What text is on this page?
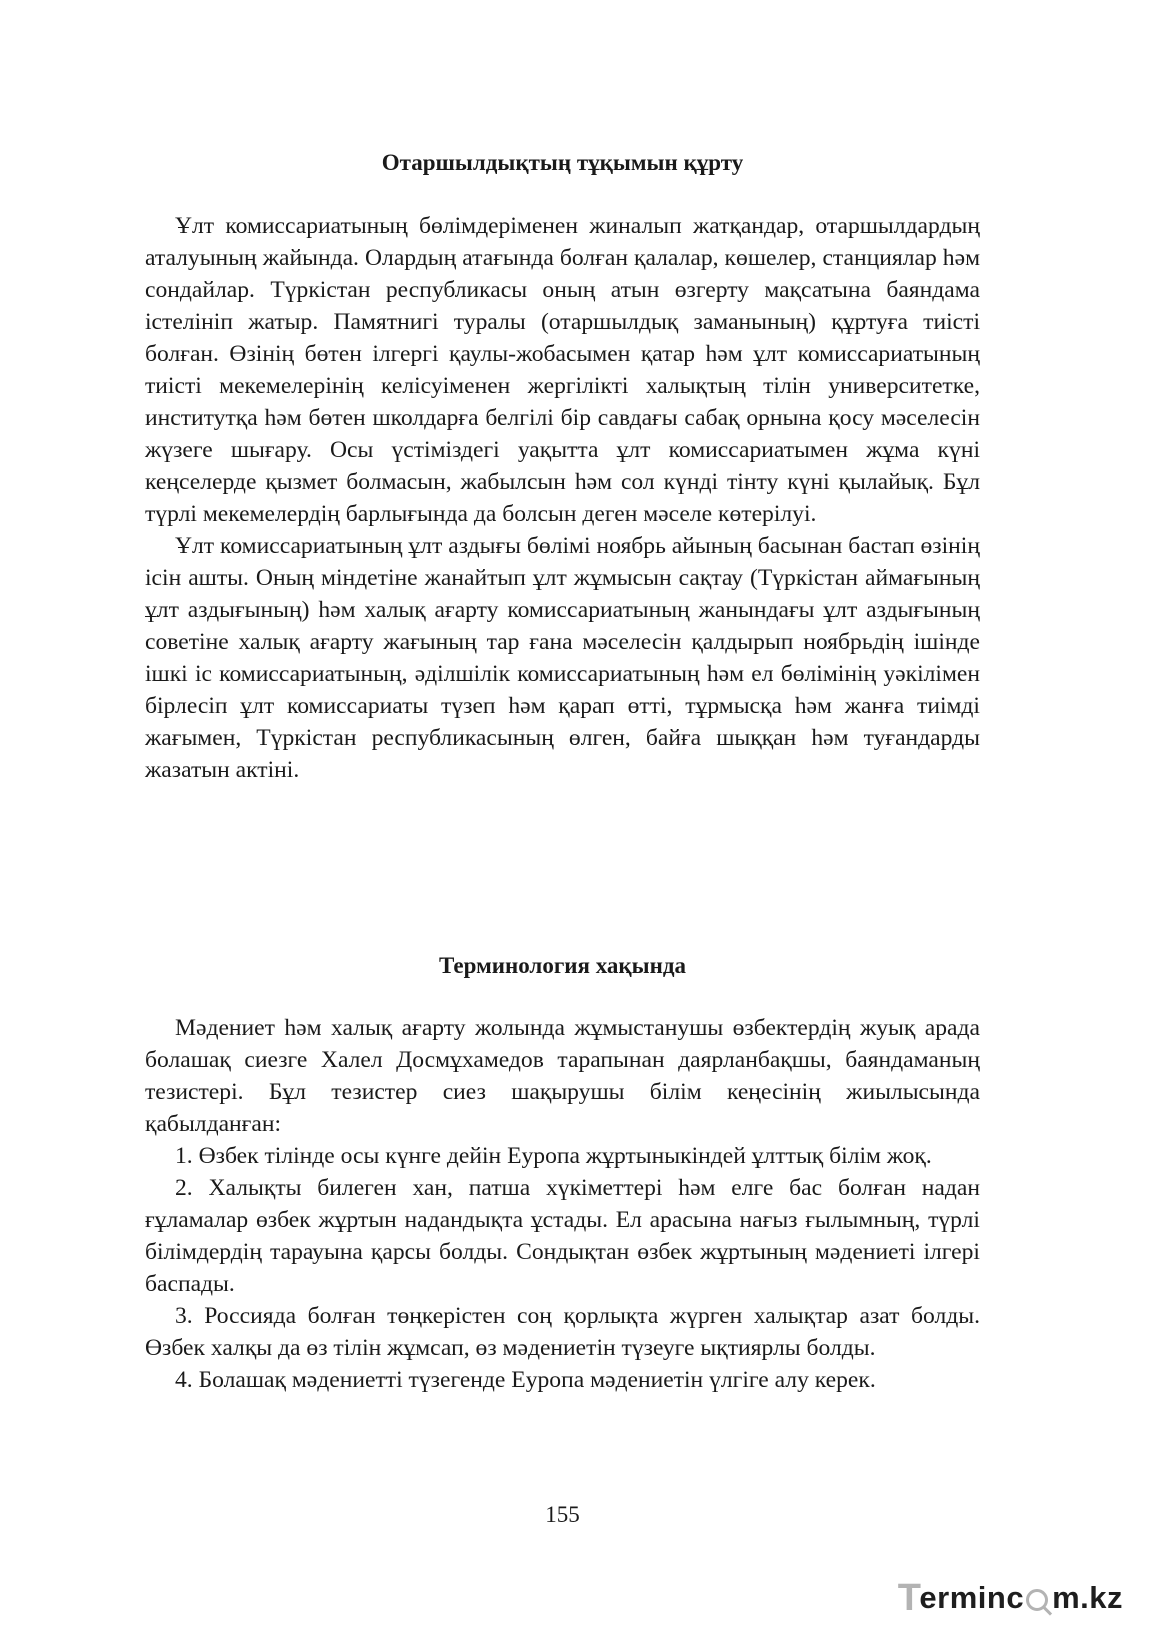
Отаршылдықтың тұқымын құрту

Ұлт комиссариатының бөлімдеріменен жиналып жатқандар, отаршылдардың аталуының жайында. Олардың атағында болған қалалар, көшелер, станциялар һәм сондайлар. Түркістан республикасы оның атын өзгерту мақсатына баяндама істелініп жатыр. Памятнигі туралы (отаршылдық заманының) құртуға тиісті болған. Өзінің бөтен ілгергі қаулы-жобасымен қатар һәм ұлт комиссариатының тиісті мекемелерінің келісуіменен жергілікті халықтың тілін университетке, институтқа һәм бөтен школдарға белгілі бір савдағы сабақ орнына қосу мәселесін жүзеге шығару. Осы үстіміздегі уақытта ұлт комиссариатымен жұма күні кеңселерде қызмет болмасын, жабылсын һәм сол күнді тінту күні қылайық. Бұл түрлі мекемелердің барлығында да болсын деген мәселе көтерілуі.

Ұлт комиссариатының ұлт аздығы бөлімі ноябрь айының басынан бастап өзінің ісін ашты. Оның міндетіне жанайтып ұлт жұмысын сақтау (Түркістан аймағының ұлт аздығының) һәм халық ағарту комиссариатының жанындағы ұлт аздығының советіне халық ағарту жағының тар ғана мәселесін қалдырып ноябрьдің ішінде ішкі іс комиссариатының, әділшілік комиссариатының һәм ел бөлімінің уәкілімен бірлесіп ұлт комиссариаты түзеп һәм қарап өтті, тұрмысқа һәм жанға тиімді жағымен, Түркістан республикасының өлген, байға шыққан һәм туғандарды жазатын актіні.

Терминология хақында

Мәдениет һәм халық ағарту жолында жұмыстанушы өзбектердің жуық арада болашақ сиезге Халел Досмұхамедов тарапынан даярланбақшы, баяндаманың тезистері. Бұл тезистер сиез шақырушы білім кеңесінің жиылысында қабылданған:

1. Өзбек тілінде осы күнге дейін Еуропа жұртыныкіндей ұлттық білім жоқ.

2. Халықты билеген хан, патша хүкіметтері һәм елге бас болған надан ғұламалар өзбек жұртын надандықта ұстады. Ел арасына нағыз ғылымның, түрлі білімдердің тарауына қарсы болды. Сондықтан өзбек жұртының мәдениеті ілгері баспады.

3. Россияда болған төңкерістен соң қорлықта жүрген халықтар азат болды. Өзбек халқы да өз тілін жұмсап, өз мәдениетін түзеуге ықтиярлы болды.

4. Болашақ мәдениетті түзегенде Еуропа мәдениетін үлгіге алу керек.

155
T
erminc m.kz
